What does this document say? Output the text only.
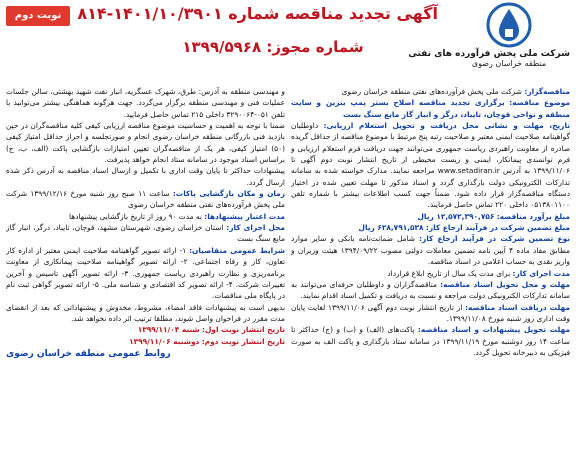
نوبت دوم	آگهی تجدید مناقصه شماره ۱۴۰۱/۱۰/۳۹۰۱-۸۱۴
شماره مجوز: ۱۳۹۹/۵۹۶۸	شرکت ملی پخش فرآورده های نفتی
منطقه خراسان رضوی

مناقصه‌گزار: شرکت ملی پخش فرآورده‌های نفتی منطقه خراسان رضوی

موضوع مناقصه: برگزاری تجدید مناقصه اصلاح بستر پمپ بنزین و سایت منطقه و نواحی قوچان، تایباد، درگز و انبار گاز مایع سنگ بست

تاریخ، مهلت و نشانی محل دریافت و تحویل استعلام ارزیابی: داوطلبان گواهینامه صلاحیت ایمنی معتبر و صلاحیت رتبه پنج مرتبط با موضوع مناقصه از حداقل گریده صادره از معاونت راهبردی ریاست جمهوری می‌توانند جهت دریافت فرم استعلام ارزیابی و فرم توانمندی پیمانکار، ایمنی و زیست محیطی از تاریخ انتشار نوبت دوم آگهی تا ۱۳۹۹/۱۱/۰۶ به آدرس www.setadiran.ir مراجعه نمایند. مدارک خواسته شده به سامانه تدارکات الکترونیکی دولت بارگذاری گردد و اسناد مذکور تا مهلت تعیین شده در اختیار دستگاه مناقصه‌گزار قرار داده شود. ضمناً جهت کسب اطلاعات بیشتر با شماره تلفن ۰۵۱۳۸۰۱۱۰۰ داخلی ۲۲۰ تماس حاصل فرمایند.

مبلغ برآورد مناقصه: ۱۲,۵۷۲,۳۹۰,۷۵۶ ریال

مبلغ تضمین شرکت در فرآیند ارجاع کار: ۶۲۸,۷۹۱,۵۳۸ ریال

نوع تضمین شرکت در فرآیند ارجاع کار: شامل ضمانت‌نامه بانکی و سایر موارد مطابق مفاد ماده ۴ آیین نامه تضمین معاملات دولتی مصوب ۱۳۹۴/۰۹/۲۲ هیئت وزیران و واریز نقدی به حساب اعلامی در اسناد مناقصه.

مدت اجرای کار: برای مدت یک سال از تاریخ ابلاغ قرارداد

مهلت و محل تحویل اسناد مناقصه: مناقصه‌گزاران و داوطلبان حرفه‌ای می‌توانند به سامانه تدارکات الکترونیکی دولت مراجعه و نسبت به دریافت و تکمیل اسناد اقدام نمایند.

مهلت دریافت اسناد مناقصه: از تاریخ انتشار نوبت دوم آگهی ۱۳۹۹/۱۱/۰۶ لغایت پایان وقت اداری روز شنبه مورخ ۱۳۹۹/۱۱/۰۸.

مهلت تحویل پیشنهادات و اسناد مناقصه: پاکت‌های (الف) و (ب) و (ج) حداکثر تا ساعت ۱۴ روز دوشنبه مورخ ۱۳۹۹/۱۱/۱۹ در سامانه ستاد بارگذاری و پاکت الف به صورت فیزیکی به دبیرخانه تحویل گردد.

و مهندسی منطقه به آدرس: طرق، شهرک عسگریه، انبار نفت شهید بهشتی، سالن جلسات عملیات فنی و مهندسی منطقه برگزار می‌گردد. جهت هرگونه هماهنگی بیشتر می‌توانید با تلفن ۰۵۱-۳۲۹۰۰۶۴ داخلی ۲۱۵ تماس حاصل فرمایید.

ضمنا با توجه به اهمیت و حساسیت موضوع مناقصه ارزیابی کیفی کلیه مناقصه‌گران در حین بازدید فنی بازرگانی منطقه خراسان رضوی انجام و صورتجلسه و احراز حداقل امتیاز کیفی (۵۰) امتیاز کیفی، هر یک از مناقصه‌گران تعیین امتیازات بازگشایی پاکت (الف، ب، ج) براساس اسناد موجود در سامانه ستاد انجام خواهد پذیرفت.

پیشنهادات حداکثر تا پایان وقت اداری با تکمیل و ارسال اسناد مناقصه به آدرس ذکر شده ارسال گردد.

زمان و مکان بازگشایی پاکات: ساعت ۱۱ صبح روز شنبه مورخ ۱۳۹۹/۱۲/۱۶ شرکت ملی پخش فرآورده‌های نفتی منطقه خراسان رضوی

مدت اعتبار پیشنهادها: به مدت ۹۰ روز از تاریخ بازگشایی پیشنهادها

محل اجرای کار: استان خراسان رضوی، شهرستان مشهد، قوچان، تایباد، درگز، انبار گاز مایع سنگ بست

شرایط عمومی متقاضیان: ۱- ارائه تصویر گواهینامه صلاحیت ایمنی معتبر از اداره کار تعاون، کار و رفاه اجتماعی. ۲- ارائه تصویر گواهینامه صلاحیت پیمانکاری از معاونت برنامه‌ریزی و نظارت راهبردی ریاست جمهوری. ۳- ارائه تصویر آگهی تاسیس و آخرین تغییرات شرکت. ۴- ارائه تصویر کد اقتصادی و شناسه ملی. ۵- ارائه تصویر گواهی ثبت نام در پایگاه ملی مناقصات.

بدیهی است به پیشنهادات فاقد امضاء، مشروط، مخدوش و پیشنهاداتی که بعد از انقضای مدت مقرر در فراخوان واصل شوند، مطلقا ترتیب اثر داده نخواهد شد.

تاریخ انتشار نوبت اول: شنبه ۱۳۹۹/۱۱/۰۴

تاریخ انتشار نوبت دوم: دوشنبه ۱۳۹۹/۱۱/۰۶

روابط عمومی منطقه خراسان رضوی
